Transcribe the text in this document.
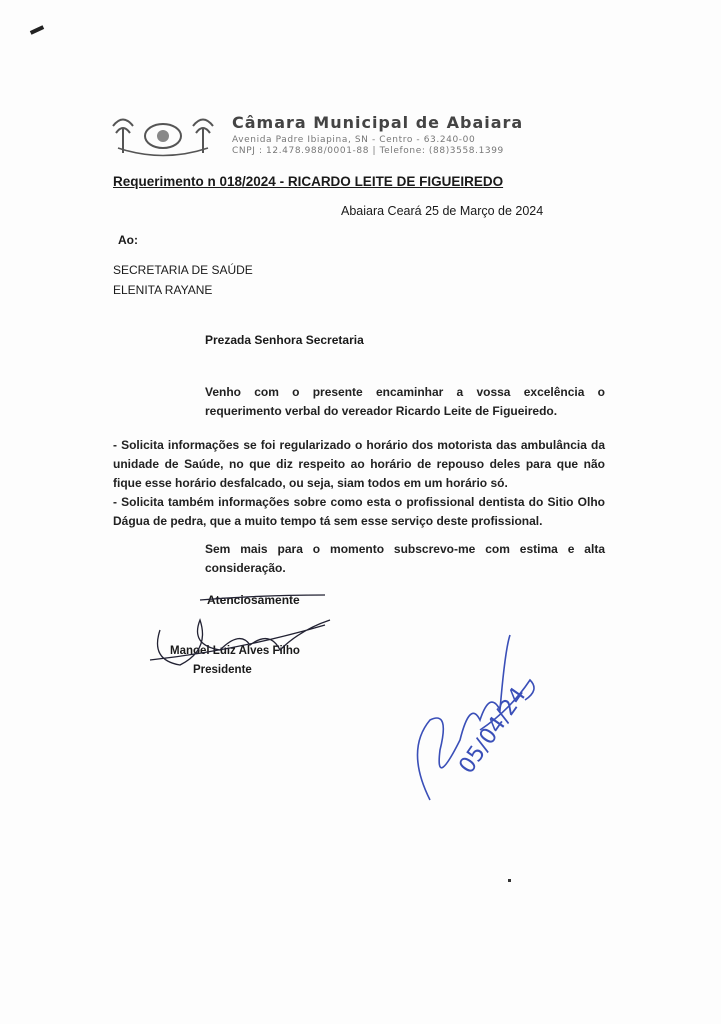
Câmara Municipal de Abaiara
Avenida Padre Ibiapina, SN - Centro - 63.240-00
CNPJ : 12.478.988/0001-88 | Telefone: (88)3558.1399
Requerimento n 018/2024 - RICARDO LEITE DE FIGUEIREDO
Abaiara Ceará 25 de Março de 2024
Ao:
SECRETARIA DE SAÚDE
ELENITA RAYANE
Prezada Senhora Secretaria

Venho com o presente encaminhar a vossa excelência o requerimento verbal do vereador Ricardo Leite de Figueiredo.

- Solicita informações se foi regularizado o horário dos motorista das ambulância da unidade de Saúde, no que diz respeito ao horário de repouso deles para que não fique esse horário desfalcado, ou seja, siam todos em um horário só.

- Solicita também informações sobre como esta o profissional dentista do Sitio Olho Dágua de pedra, que a muito tempo tá sem esse serviço deste profissional.

Sem mais para o momento subscrevo-me com estima e alta consideração.

Atenciosamente
Manoel Luiz Alves Filho
Presidente
05/04/24
